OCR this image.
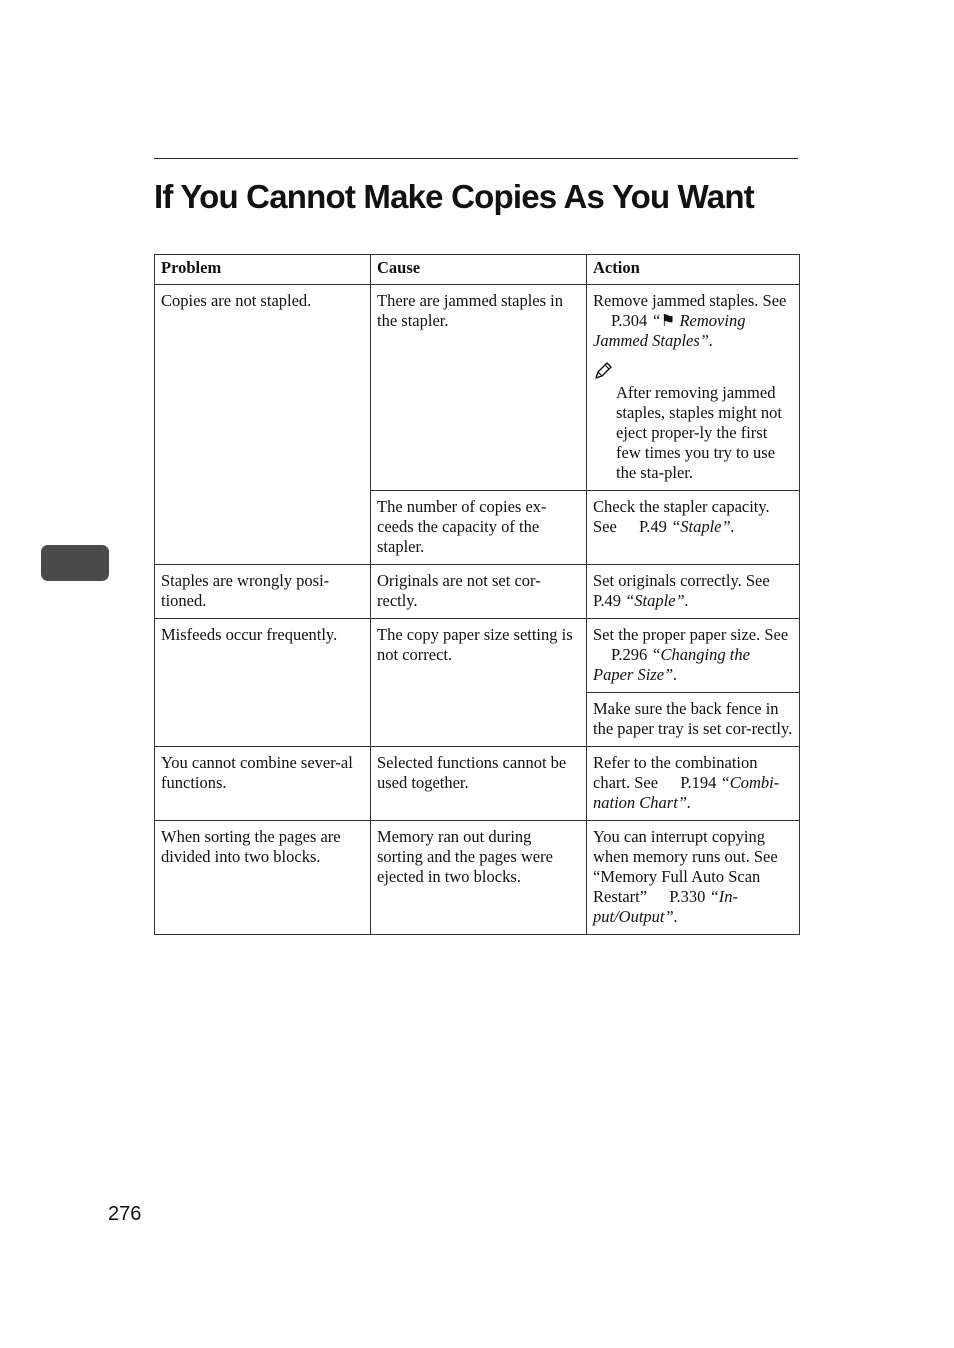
If You Cannot Make Copies As You Want
Problem	Cause	Action
Copies are not stapled.	There are jammed staples in the stapler.	Remove jammed staples. See P.304 “⚑ Removing Jammed Staples”.
After removing jammed staples, staples might not eject proper-ly the first few times you try to use the sta-pler.

	The number of copies ex-ceeds the capacity of the stapler.	Check the stapler capacity. See P.49 “Staple”.
Staples are wrongly posi-tioned.	Originals are not set cor-rectly.	Set originals correctly. See P.49 “Staple”.
Misfeeds occur frequently.	The copy paper size setting is not correct.	Set the proper paper size. See P.296 “Changing the Paper Size”.
		Make sure the back fence in the paper tray is set cor-rectly.
You cannot combine sever-al functions.	Selected functions cannot be used together.	Refer to the combination chart. See P.194 “Combi-nation Chart”.
When sorting the pages are divided into two blocks.	Memory ran out during sorting and the pages were ejected in two blocks.	You can interrupt copying when memory runs out. See “Memory Full Auto Scan Restart” P.330 “In-put/Output”.
276
